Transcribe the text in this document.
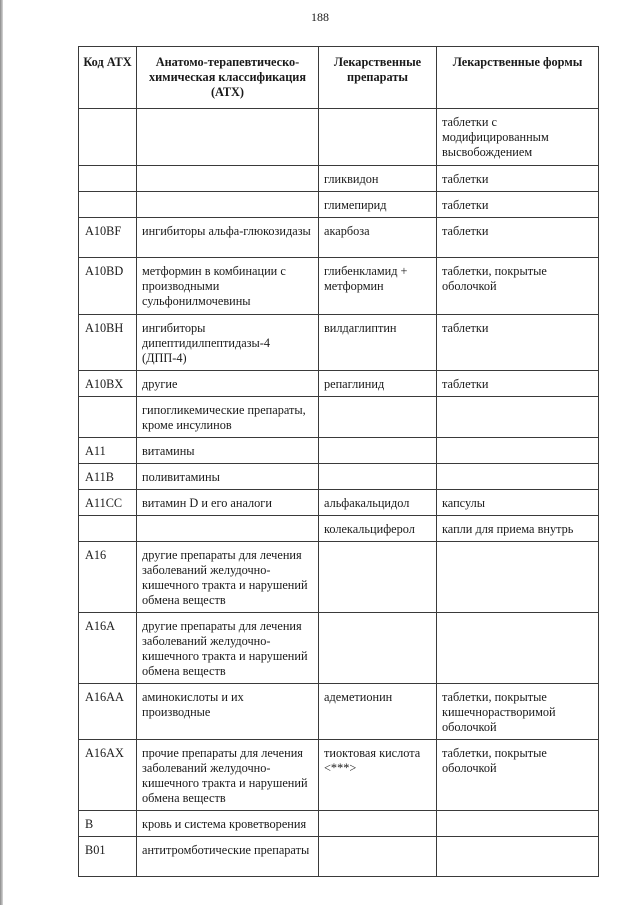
188
Код АТХ	Анатомо-терапевтическо-химическая классификация (АТХ)	Лекарственные препараты	Лекарственные формы
			таблетки с модифицированным высвобождением
		гликвидон	таблетки
		глимепирид	таблетки
A10BF	ингибиторы альфа-глюкозидазы	акарбоза	таблетки
A10BD	метформин в комбинации с производными сульфонилмочевины	глибенкламид + метформин	таблетки, покрытые оболочкой
A10BH	ингибиторы дипептидилпептидазы-4 (ДПП-4)	вилдаглиптин	таблетки
A10BX	другие	репаглинид	таблетки
	гипогликемические препараты, кроме инсулинов		
A11	витамины		
A11B	поливитамины		
A11CC	витамин D и его аналоги	альфакальцидол	капсулы
		колекальциферол	капли для приема внутрь
A16	другие препараты для лечения заболеваний желудочно-кишечного тракта и нарушений обмена веществ		
A16A	другие препараты для лечения заболеваний желудочно-кишечного тракта и нарушений обмена веществ		
A16AA	аминокислоты и их производные	адеметионин	таблетки, покрытые кишечнорастворимой оболочкой
A16AX	прочие препараты для лечения заболеваний желудочно-кишечного тракта и нарушений обмена веществ	тиоктовая кислота <***>	таблетки, покрытые оболочкой
B	кровь и система кроветворения		
B01	антитромботические препараты		
